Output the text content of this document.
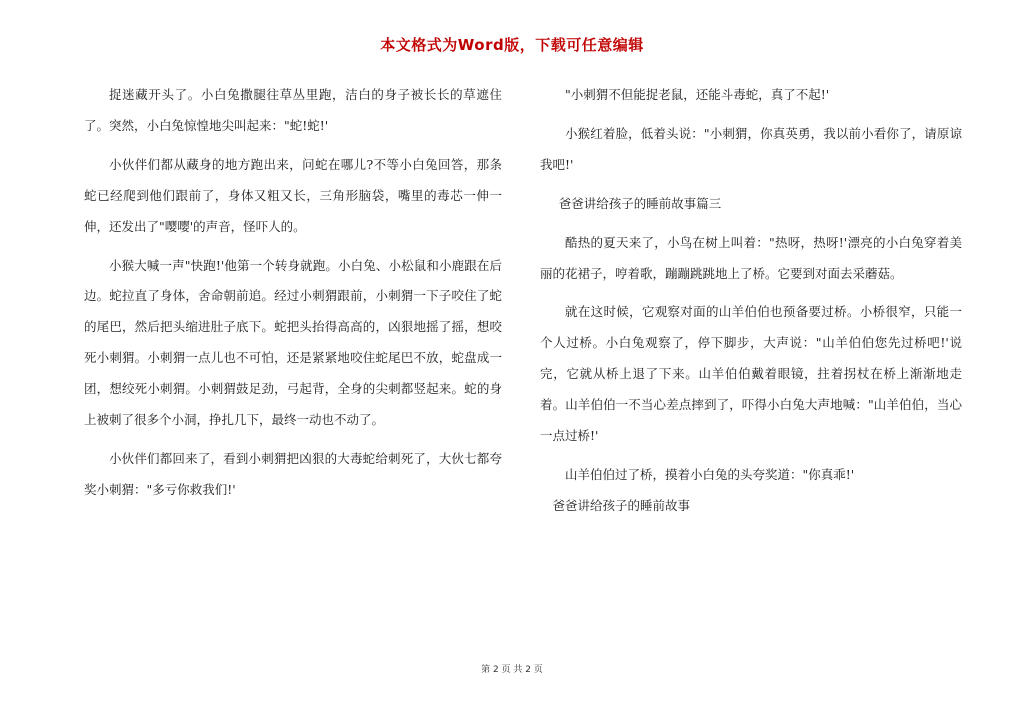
本文格式为Word版，下载可任意编辑

捉迷藏开头了。小白兔撒腿往草丛里跑，洁白的身子被长长的草遮住了。突然，小白兔惊惶地尖叫起来："蛇!蛇!'

小伙伴们都从藏身的地方跑出来，问蛇在哪儿?不等小白兔回答，那条蛇已经爬到他们跟前了，身体又粗又长，三角形脑袋，嘴里的毒芯一伸一伸，还发出了"嘤嘤'的声音，怪吓人的。

小猴大喊一声"快跑!'他第一个转身就跑。小白兔、小松鼠和小鹿跟在后边。蛇拉直了身体，舍命朝前追。经过小刺猬跟前，小刺猬一下子咬住了蛇的尾巴，然后把头缩进肚子底下。蛇把头抬得高高的，凶狠地摇了摇，想咬死小刺猬。小刺猬一点儿也不可怕，还是紧紧地咬住蛇尾巴不放，蛇盘成一团，想绞死小刺猬。小刺猬鼓足劲，弓起背，全身的尖刺都竖起来。蛇的身上被刺了很多个小洞，挣扎几下，最终一动也不动了。

小伙伴们都回来了，看到小刺猬把凶狠的大毒蛇给刺死了，大伙七都夸奖小刺猬："多亏你救我们!'

"小刺猬不但能捉老鼠，还能斗毒蛇，真了不起!'

小猴红着脸，低着头说："小刺猬，你真英勇，我以前小看你了，请原谅我吧!'

爸爸讲给孩子的睡前故事篇三

酷热的夏天来了，小鸟在树上叫着："热呀，热呀!'漂亮的小白兔穿着美丽的花裙子，哼着歌，蹦蹦跳跳地上了桥。它要到对面去采蘑菇。

就在这时候，它观察对面的山羊伯伯也预备要过桥。小桥很窄，只能一个人过桥。小白兔观察了，停下脚步，大声说："山羊伯伯您先过桥吧!'说完，它就从桥上退了下来。山羊伯伯戴着眼镜，拄着拐杖在桥上渐渐地走着。山羊伯伯一不当心差点摔到了，吓得小白兔大声地喊："山羊伯伯，当心一点过桥!'

山羊伯伯过了桥，摸着小白兔的头夸奖道："你真乖!'

爸爸讲给孩子的睡前故事

第 2 页 共 2 页
